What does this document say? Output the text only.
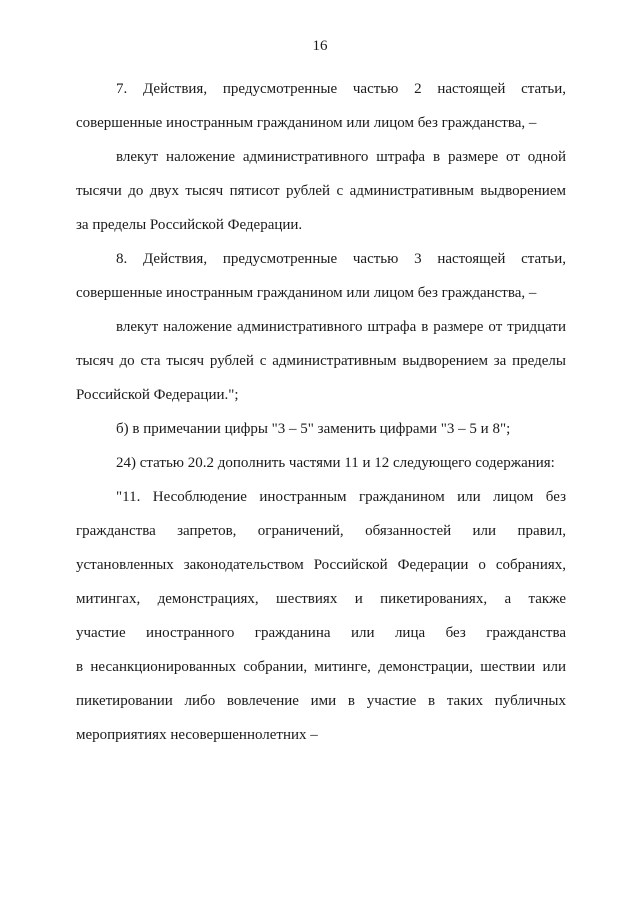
16

7. Действия, предусмотренные частью 2 настоящей статьи,
совершенные иностранным гражданином или лицом без гражданства, –

влекут наложение административного штрафа в размере от одной
тысячи до двух тысяч пятисот рублей с административным выдворением
за пределы Российской Федерации.

8. Действия, предусмотренные частью 3 настоящей статьи,
совершенные иностранным гражданином или лицом без гражданства, –

влекут наложение административного штрафа в размере от тридцати
тысяч до ста тысяч рублей с административным выдворением за пределы
Российской Федерации.";

б) в примечании цифры "3 – 5" заменить цифрами "3 – 5 и 8";

24) статью 20.2 дополнить частями 11 и 12 следующего содержания:

"11. Несоблюдение иностранным гражданином или лицом без
гражданства запретов, ограничений, обязанностей или правил,
установленных законодательством Российской Федерации о собраниях,
митингах, демонстрациях, шествиях и пикетированиях, а также
участие иностранного гражданина или лица без гражданства
в несанкционированных собрании, митинге, демонстрации, шествии или
пикетировании либо вовлечение ими в участие в таких публичных
мероприятиях несовершеннолетних –
